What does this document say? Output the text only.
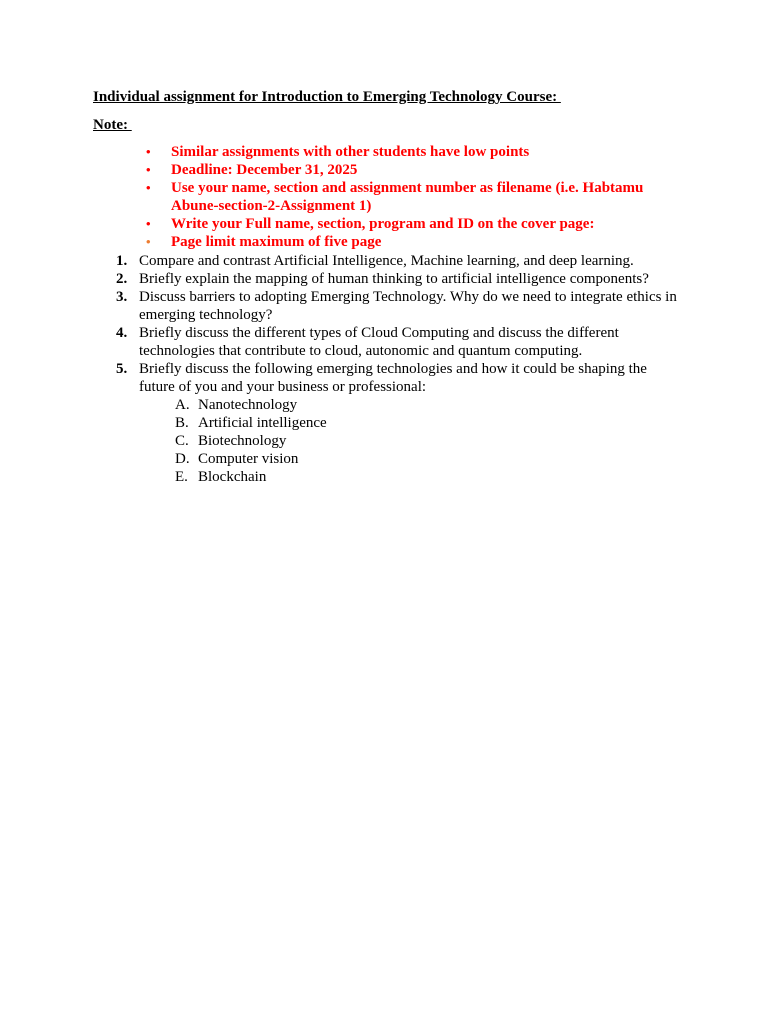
Individual assignment for Introduction to Emerging Technology Course:
Note:
•	Similar assignments with other students have low points
•	Deadline: December 31, 2025
•	Use your name, section and assignment number as filename (i.e. Habtamu Abune-section-2-Assignment 1)
•	Write your Full name, section, program and ID on the cover page:
•	Page limit maximum of five page
1. Compare and contrast Artificial Intelligence, Machine learning, and deep learning.
2. Briefly explain the mapping of human thinking to artificial intelligence components?
3. Discuss barriers to adopting Emerging Technology. Why do we need to integrate ethics in emerging technology?
4. Briefly discuss the different types of Cloud Computing and discuss the different technologies that contribute to cloud, autonomic and quantum computing.
5. Briefly discuss the following emerging technologies and how it could be shaping the future of you and your business or professional:
A. Nanotechnology
B. Artificial intelligence
C. Biotechnology
D. Computer vision
E. Blockchain
